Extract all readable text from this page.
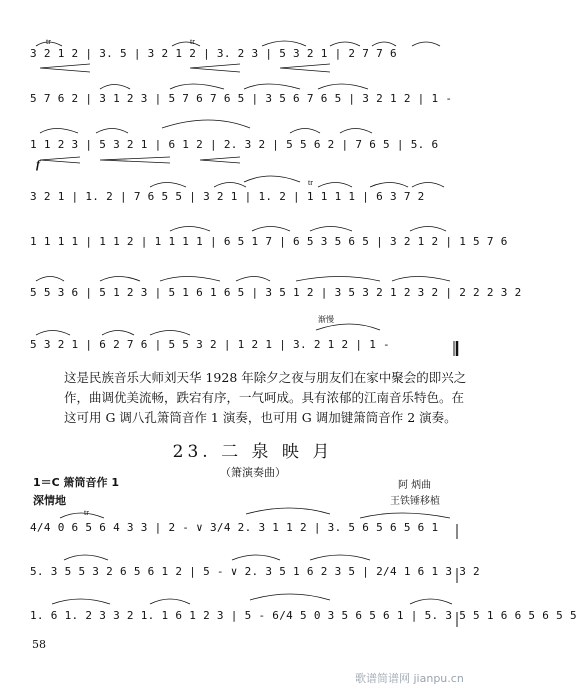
3 2 1 2 | 3. 5 | 3 2 1 2 | 3. 2 3 | 5 3 2 1 | 2 7 7 6
5 7 6 2 | 3 1 2 3 | 5 7 6 7 6 5 | 3 5 6 7 6 5 | 3 2 1 2 | 1 -
1 1 2 3 | 5 3 2 1 | 6 1 2 | 2. 3 2 | 5 5 6 2 | 7 6 5 | 5. 6
3 2 1 | 1. 2 | 7 6 5 5 | 3 2 1 | 1. 2 | 1 1 1 1 | 6 3 7 2
1 1 1 1 | 1 1 2 | 1 1 1 1 | 6 5 1 7 | 6 5 3 5 6 5 | 3 2 1 2 | 1 5 7 6
5 5 3 6 | 5 1 2 3 | 5 1 6 1 6 5 | 3 5 1 2 | 3 5 3 2 1 2 3 2 | 2 2 2 3 2
5 3 2 1 | 6 2 7 6 | 5 5 3 2 | 1 2 1 | 3. 2 1 2 | 1 -
tr	tr
tr
f
渐慢
这是民族音乐大师刘天华 1928 年除夕之夜与朋友们在家中聚会的即兴之作，曲调优美流畅，跌宕有序，一气呵成。具有浓郁的江南音乐特色。在这可用 G 调八孔箫筒音作 1 演奏，也可用 G 调加键箫筒音作 2 演奏。
23. 二 泉 映 月
（箫演奏曲）
1＝C 箫筒音作 1
深情地
阿 炳曲
王铁锤移植
tr
4/4 0 6 5 6 4 3 3 | 2 - ∨ 3/4 2. 3 1 1 2 | 3. 5 6 5 6 5 6 1
5. 3 5 5 3 2 6 5 6 1 2 | 5 - ∨ 2. 3 5 1 6 2 3 5 | 2/4 1 6 1 3 3 2
1. 6 1. 2 3 3 2 1. 1 6 1 2 3 | 5 - 6/4 5 0 3 5 6 5 6 1 | 5. 3 5 5 1 6 6 5 6 5 5
58
歌谱简谱网 jianpu.cn
